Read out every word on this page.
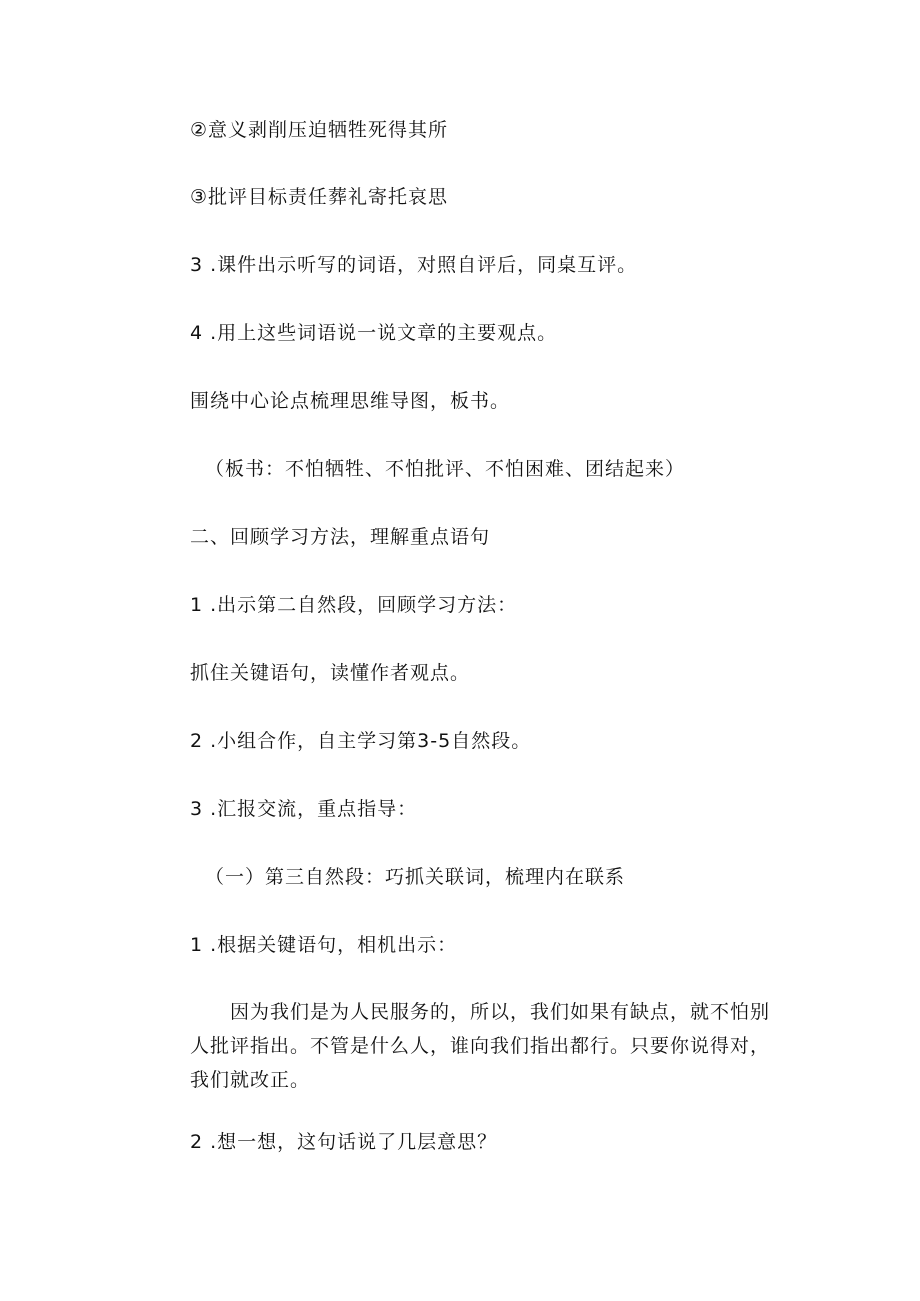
②意义剥削压迫牺牲死得其所
③批评目标责任葬礼寄托哀思
3 .课件出示听写的词语，对照自评后，同桌互评。
4 .用上这些词语说一说文章的主要观点。
围绕中心论点梳理思维导图，板书。
（板书：不怕牺牲、不怕批评、不怕困难、团结起来）
二、回顾学习方法，理解重点语句
1 .出示第二自然段，回顾学习方法：
抓住关键语句，读懂作者观点。
2 .小组合作，自主学习第3-5自然段。
3 .汇报交流，重点指导：
（一）第三自然段：巧抓关联词，梳理内在联系
1 .根据关键语句，相机出示：
因为我们是为人民服务的，所以，我们如果有缺点，就不怕别人批评指出。不管是什么人，谁向我们指出都行。只要你说得对，我们就改正。
2 .想一想，这句话说了几层意思？
